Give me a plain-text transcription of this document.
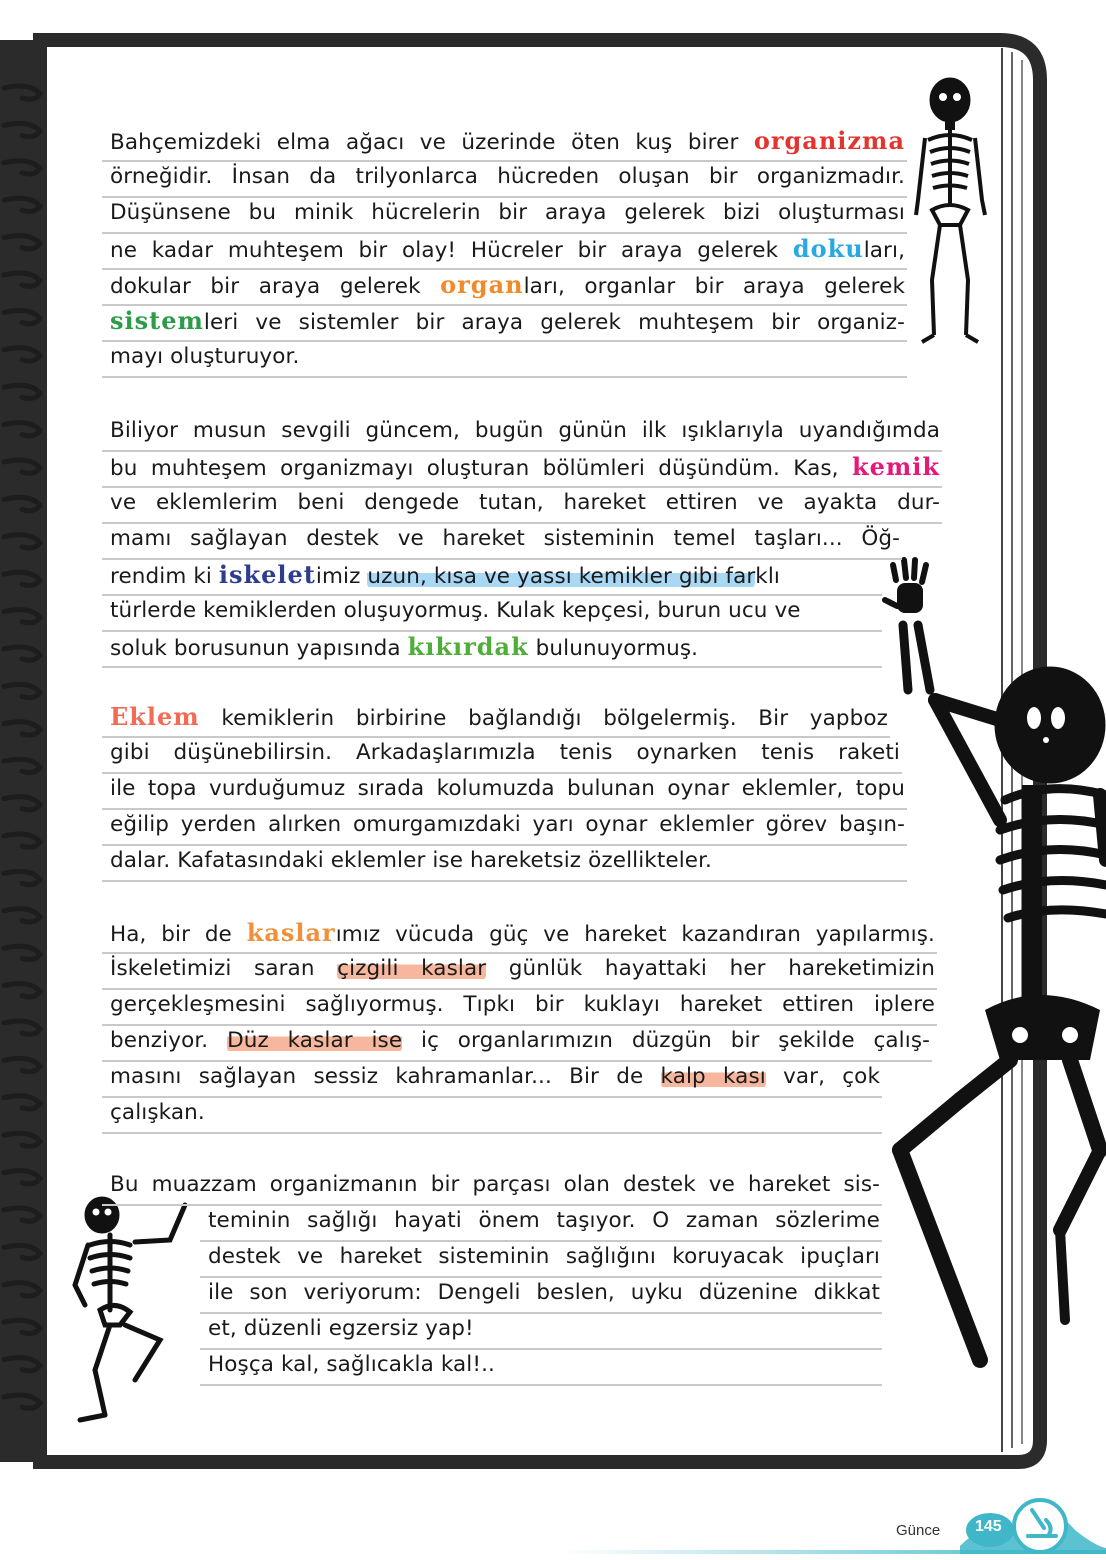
Bahçemizdeki elma ağacı ve üzerinde öten kuş birer organizma
örneğidir. İnsan da trilyonlarca hücreden oluşan bir organizmadır.
Düşünsene bu minik hücrelerin bir araya gelerek bizi oluşturması
ne kadar muhteşem bir olay! Hücreler bir araya gelerek dokuları,
dokular bir araya gelerek organları, organlar bir araya gelerek
sistemleri ve sistemler bir araya gelerek muhteşem bir organiz-
mayı oluşturuyor.
Biliyor musun sevgili güncem, bugün günün ilk ışıklarıyla uyandığımda
bu muhteşem organizmayı oluşturan bölümleri düşündüm. Kas, kemik
ve eklemlerim beni dengede tutan, hareket ettiren ve ayakta dur-
mamı sağlayan destek ve hareket sisteminin temel taşları... Öğ-
rendim ki iskeletimiz uzun, kısa ve yassı kemikler gibi farklı
türlerde kemiklerden oluşuyormuş. Kulak kepçesi, burun ucu ve
soluk borusunun yapısında kıkırdak bulunuyormuş.
Eklem kemiklerin birbirine bağlandığı bölgelermiş. Bir yapboz
gibi düşünebilirsin. Arkadaşlarımızla tenis oynarken tenis raketi
ile topa vurduğumuz sırada kolumuzda bulunan oynar eklemler, topu
eğilip yerden alırken omurgamızdaki yarı oynar eklemler görev başın-
dalar. Kafatasındaki eklemler ise hareketsiz özellikteler.
Ha, bir de kaslarımız vücuda güç ve hareket kazandıran yapılarmış.
İskeletimizi saran çizgili kaslar günlük hayattaki her hareketimizin
gerçekleşmesini sağlıyormuş. Tıpkı bir kuklayı hareket ettiren iplere
benziyor. Düz kaslar ise iç organlarımızın düzgün bir şekilde çalış-
masını sağlayan sessiz kahramanlar... Bir de kalp kası var, çok
çalışkan.
Bu muazzam organizmanın bir parçası olan destek ve hareket sis-
teminin sağlığı hayati önem taşıyor. O zaman sözlerime
destek ve hareket sisteminin sağlığını koruyacak ipuçları
ile son veriyorum: Dengeli beslen, uyku düzenine dikkat
et, düzenli egzersiz yap!
Hoşça kal, sağlıcakla kal!..
Günce 145
